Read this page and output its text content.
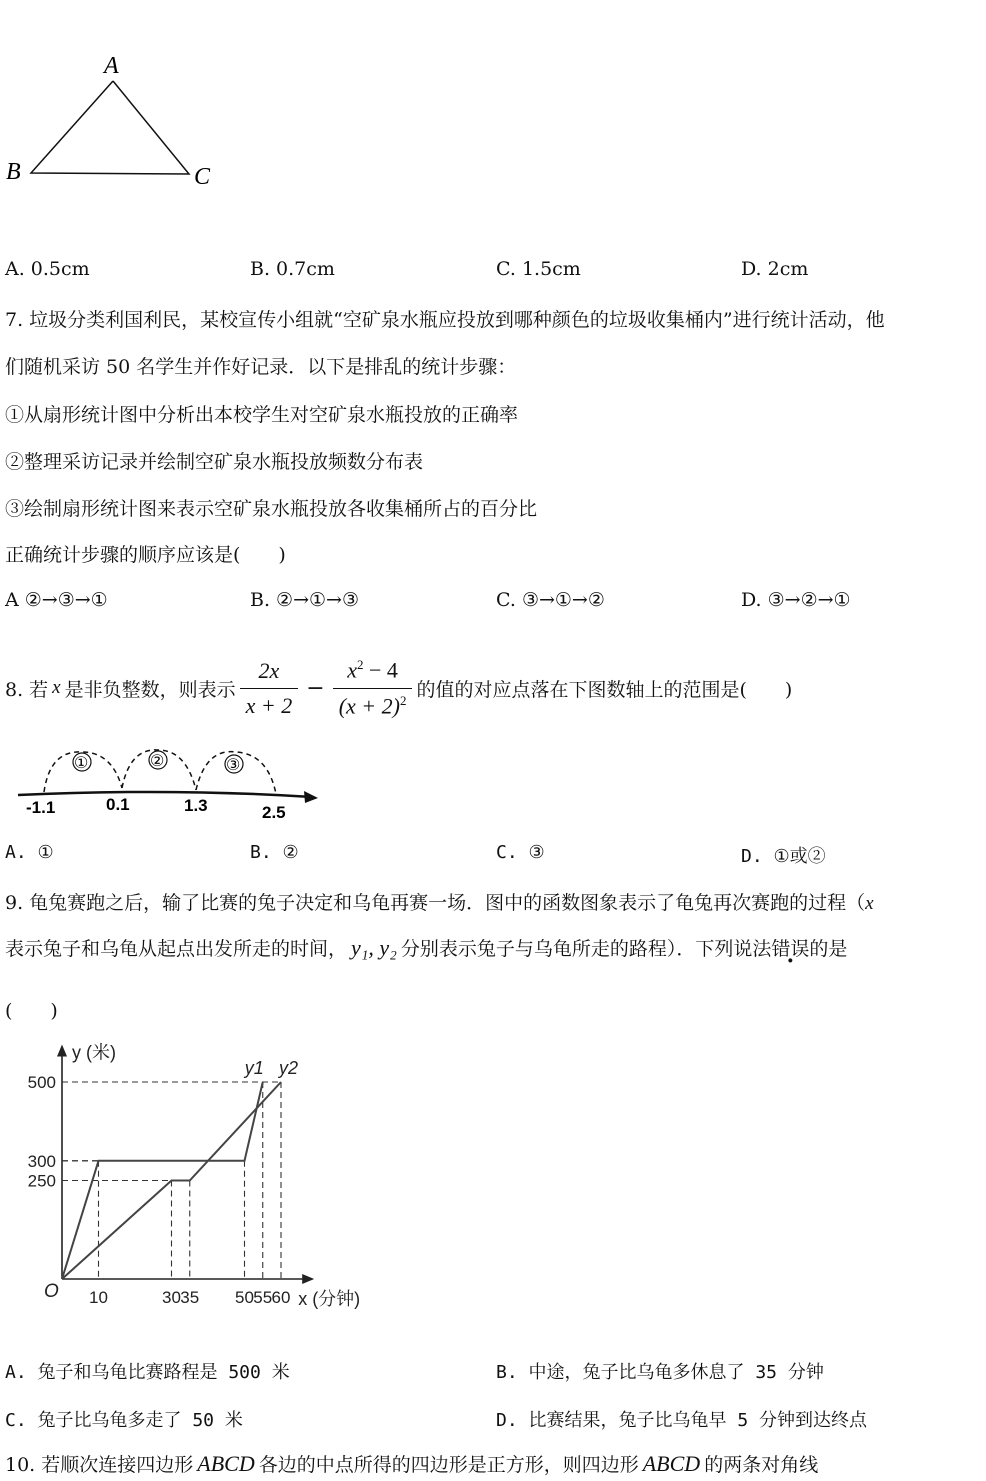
A
B	C
A. 0.5cm	B. 0.7cm	C. 1.5cm	D. 2cm
7. 垃圾分类利国利民，某校宣传小组就“空矿泉水瓶应投放到哪种颜色的垃圾收集桶内”进行统计活动，他
们随机采访 50 名学生并作好记录．以下是排乱的统计步骤：
①从扇形统计图中分析出本校学生对空矿泉水瓶投放的正确率
②整理采访记录并绘制空矿泉水瓶投放频数分布表
③绘制扇形统计图来表示空矿泉水瓶投放各收集桶所占的百分比
正确统计步骤的顺序应该是(　　)
A ②→③→①	B. ②→①→③	C. ③→①→②	D. ③→②→①
8. 若 x 是非负整数，则表示 $\frac{2x}{x + 2} - \frac{x^2 - 4}{(x + 2)^2}$ 的值的对应点落在下图数轴上的范围是(　　)
①	②	③
-1.1	0.1	1.3	2.5
A. ①	B. ②	C. ③	D. ①或②
9. 龟兔赛跑之后，输了比赛的兔子决定和乌龟再赛一场．图中的函数图象表示了龟兔再次赛跑的过程（x
表示兔子和乌龟从起点出发所走的时间， y₁, y₂ 分别表示兔子与乌龟所走的路程）．下列说法错误的是
(　　)
10	30 35 50 55 60
250
300
500
O	x (分钟)
y (米)
y1 y2
A. 兔子和乌龟比赛路程是 500 米	B. 中途，兔子比乌龟多休息了 35 分钟
C. 兔子比乌龟多走了 50 米	D. 比赛结果，兔子比乌龟早 5 分钟到达终点
10. 若顺次连接四边形 ABCD 各边的中点所得的四边形是正方形，则四边形 ABCD 的两条对角线
